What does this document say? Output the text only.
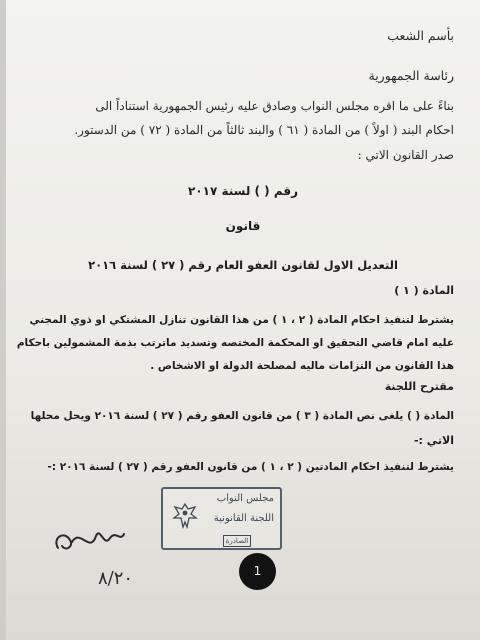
بأسم الشعب
رئاسة الجمهورية
بناءً على ما اقره مجلس النواب وصادق عليه رئيس الجمهورية استناداً الى
احكام البند ( اولاً ) من المادة ( ٦١ ) والبند ثالثاً من المادة ( ٧٢ ) من الدستور.
صدر القانون الاتي :
رقم ( ) لسنة ٢٠١٧
قانون
التعديل الاول لقانون العفو العام رقم ( ٢٧ ) لسنة ٢٠١٦
المادة ( ١ )
يشترط لتنفيذ احكام المادة ( ٢ ، ١ ) من هذا القانون تنازل المشتكي او ذوي المجني
عليه امام قاضي التحقيق او المحكمة المختصه وتسديد ماترتب بذمة المشمولين باحكام
هذا القانون من التزامات ماليه لمصلحة الدولة او الاشخاص .
مقترح اللجنة
المادة ( ) يلغى نص المادة ( ٣ ) من قانون العفو رقم ( ٢٧ ) لسنة ٢٠١٦ ويحل محلها
الاتي :-
يشترط لتنفيذ احكام المادتين ( ٢ ، ١ ) من قانون العفو رقم ( ٢٧ ) لسنة ٢٠١٦ :-
مجلس النواب
اللجنة القانونية
الصادرة
1
٨/٢٠
